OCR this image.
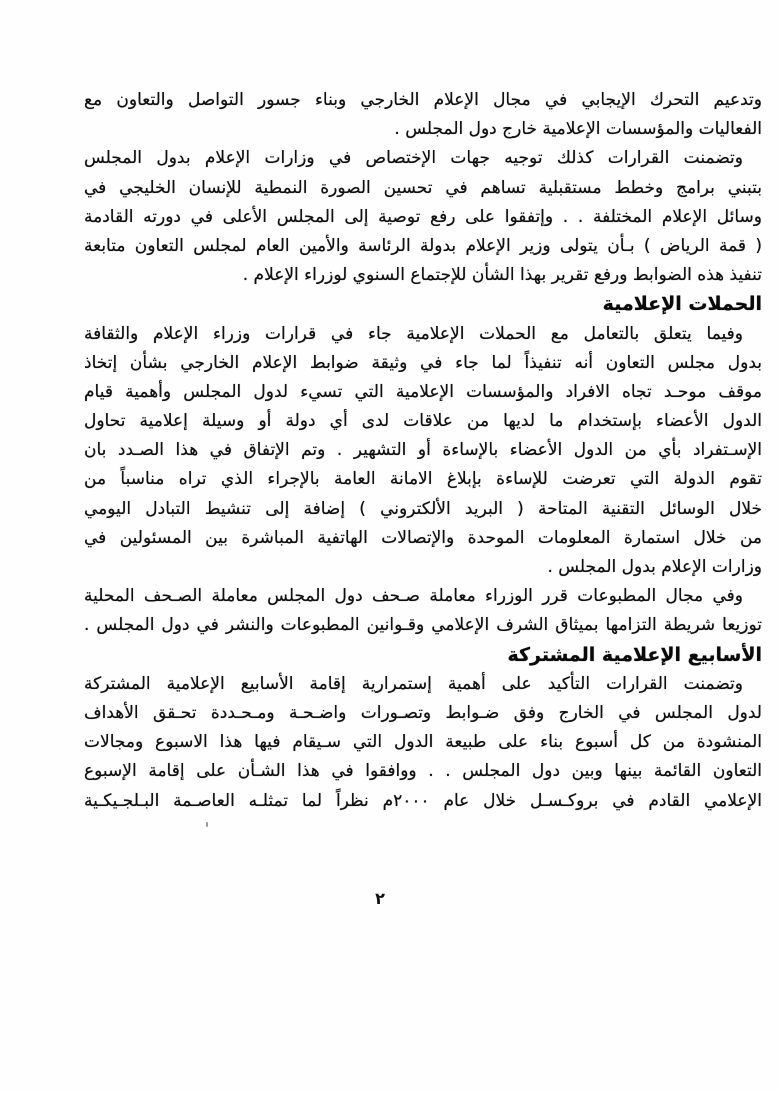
وتدعيم التحرك الإيجابي في مجال الإعلام الخارجي وبناء جسور التواصل والتعاون مع
الفعاليات والمؤسسات الإعلامية خارج دول المجلس .
وتضمنت القرارات كذلك توجيه جهات الإختصاص في وزارات الإعلام بدول المجلس
بتبني برامج وخطط مستقبلية تساهم في تحسين الصورة النمطية للإنسان الخليجي في
وسائل الإعلام المختلفة . . وإتفقوا على رفع توصية إلى المجلس الأعلى في دورته القادمة
( قمة الرياض ) بـأن يتولى وزير الإعلام بدولة الرئاسة والأمين العام لمجلس التعاون متابعة
تنفيذ هذه الضوابط ورفع تقرير بهذا الشأن للإجتماع السنوي لوزراء الإعلام .
الحملات الإعلامية
وفيما يتعلق بالتعامل مع الحملات الإعلامية جاء في قرارات وزراء الإعلام والثقافة
بدول مجلس التعاون أنه تنفيذاً لما جاء في وثيقة ضوابط الإعلام الخارجي بشأن إتخاذ
موقف موحـد تجاه الافراد والمؤسسات الإعلامية التي تسيء لدول المجلس وأهمية قيام
الدول الأعضاء بإستخدام ما لديها من علاقات لدى أي دولة أو وسيلة إعلامية تحاول
الإسـتفراد بأي من الدول الأعضاء بالإساءة أو التشهير . وتم الإتفاق في هذا الصـدد بان
تقوم الدولة التي تعرضت للإساءة بإبلاغ الامانة العامة بالإجراء الذي تراه مناسباً من
خلال الوسائل التقنية المتاحة ( البريد الألكتروني ) إضافة إلى تنشيط التبادل اليومي
من خلال استمارة المعلومات الموحدة والإتصالات الهاتفية المباشرة بين المسئولين في
وزارات الإعلام بدول المجلس .
وفي مجال المطبوعات قرر الوزراء معاملة صـحف دول المجلس معاملة الصـحف المحلية
توزيعا شريطة التزامها بميثاق الشرف الإعلامي وقـوانين المطبوعات والنشر في دول المجلس .
الأسابيع الإعلامية المشتركة
وتضمنت القرارات التأكيد على أهمية إستمرارية إقامة الأسابيع الإعلامية المشتركة
لدول المجلس في الخارج وفق ضـوابط وتصـورات واضـحـة ومـحـددة تحـقق الأهداف
المنشودة من كل أسبوع بناء على طبيعة الدول التي سـيقام فيها هذا الاسبوع ومجالات
التعاون القائمة بينها وبين دول المجلس . . ووافقوا في هذا الشـأن على إقامة الإسبوع
الإعلامي القادم في بروكـسـل خلال عام ٢٠٠٠م نظراً لما تمثلـه العاصـمة البـلجـيكـية
٢
